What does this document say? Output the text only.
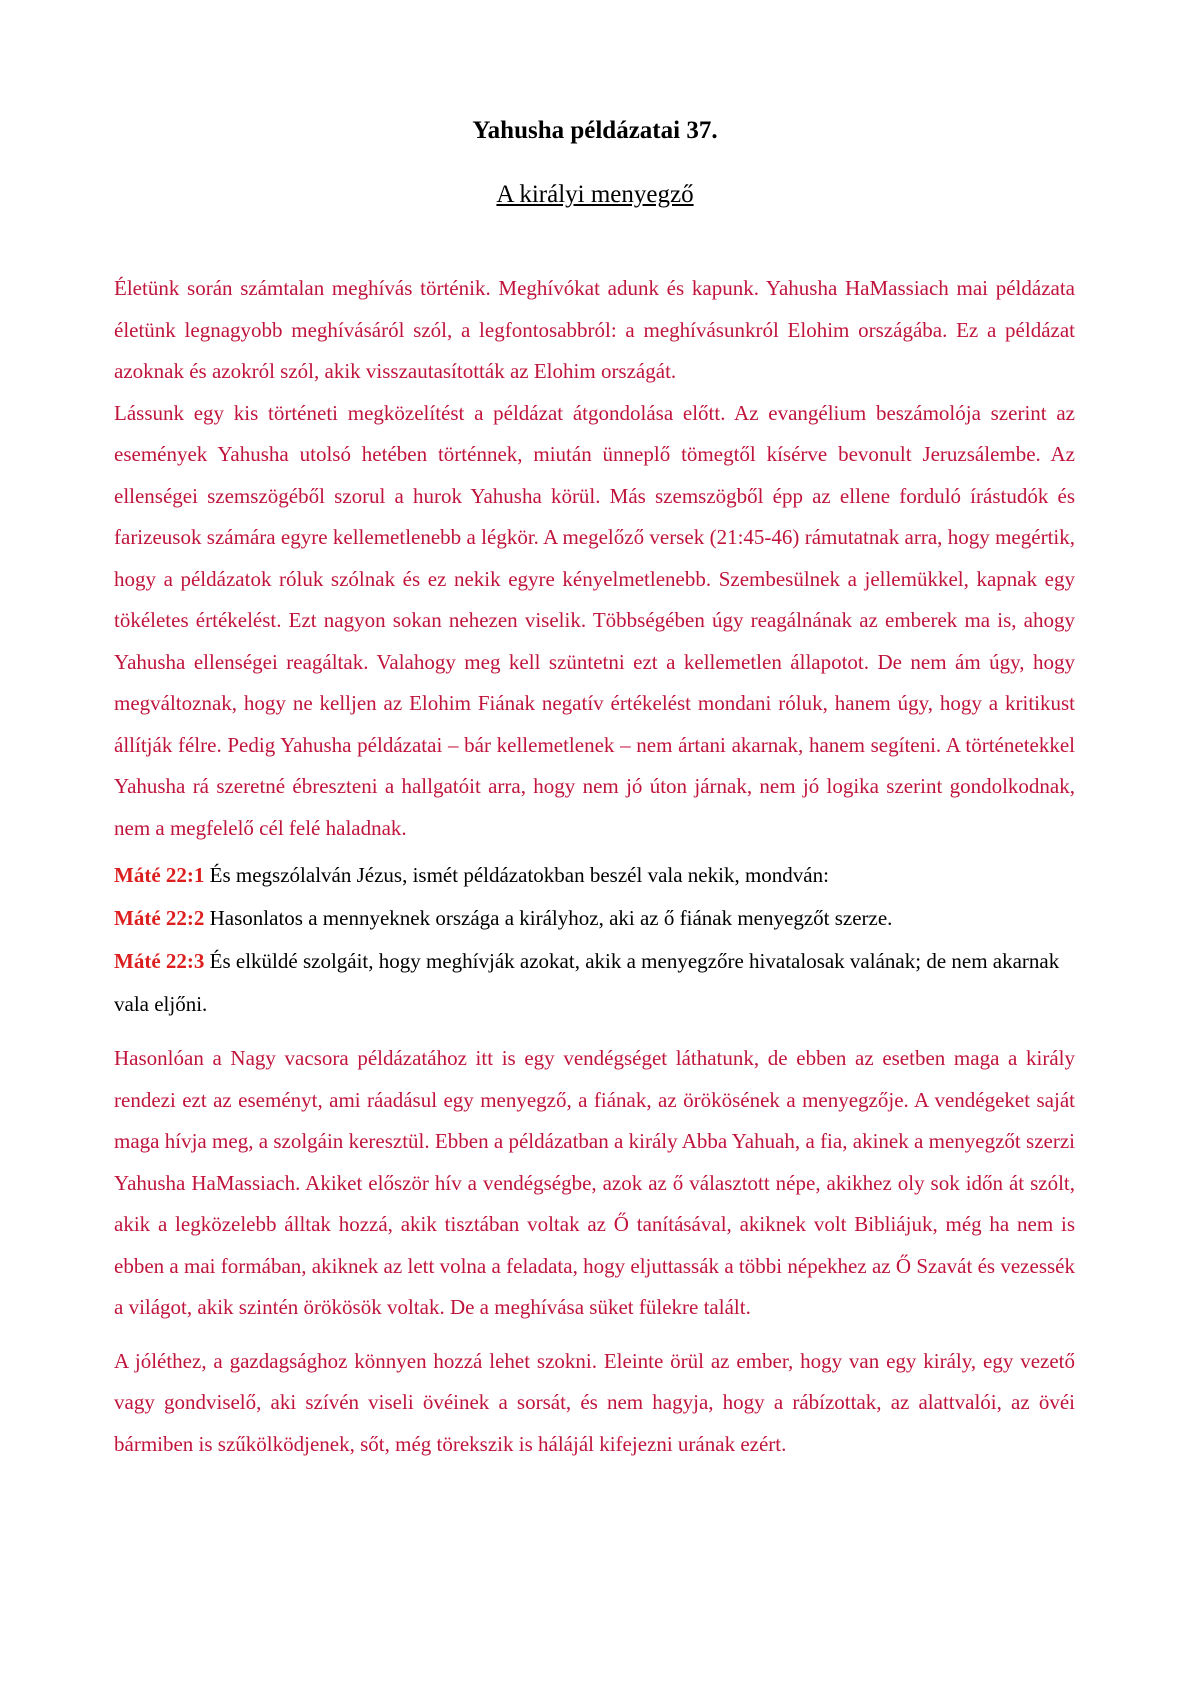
Yahusha példázatai 37.
A királyi menyegző

Életünk során számtalan meghívás történik. Meghívókat adunk és kapunk. Yahusha HaMassiach mai példázata életünk legnagyobb meghívásáról szól, a legfontosabbról: a meghívásunkról Elohim országába. Ez a példázat azoknak és azokról szól, akik visszautasították az Elohim országát.

Lássunk egy kis történeti megközelítést a példázat átgondolása előtt. Az evangélium beszámolója szerint az események Yahusha utolsó hetében történnek, miután ünneplő tömegtől kísérve bevonult Jeruzsálembe. Az ellenségei szemszögéből szorul a hurok Yahusha körül. Más szemszögből épp az ellene forduló írástudók és farizeusok számára egyre kellemetlenebb a légkör. A megelőző versek (21:45-46) rámutatnak arra, hogy megértik, hogy a példázatok róluk szólnak és ez nekik egyre kényelmetlenebb. Szembesülnek a jellemükkel, kapnak egy tökéletes értékelést. Ezt nagyon sokan nehezen viselik. Többségében úgy reagálnának az emberek ma is, ahogy Yahusha ellenségei reagáltak. Valahogy meg kell szüntetni ezt a kellemetlen állapotot. De nem ám úgy, hogy megváltoznak, hogy ne kelljen az Elohim Fiának negatív értékelést mondani róluk, hanem úgy, hogy a kritikust állítják félre. Pedig Yahusha példázatai – bár kellemetlenek – nem ártani akarnak, hanem segíteni. A történetekkel Yahusha rá szeretné ébreszteni a hallgatóit arra, hogy nem jó úton járnak, nem jó logika szerint gondolkodnak, nem a megfelelő cél felé haladnak.

Máté 22:1 És megszólalván Jézus, ismét példázatokban beszél vala nekik, mondván:

Máté 22:2 Hasonlatos a mennyeknek országa a királyhoz, aki az ő fiának menyegzőt szerze.

Máté 22:3 És elküldé szolgáit, hogy meghívják azokat, akik a menyegzőre hivatalosak valának; de nem akarnak vala eljőni.

Hasonlóan a Nagy vacsora példázatához itt is egy vendégséget láthatunk, de ebben az esetben maga a király rendezi ezt az eseményt, ami ráadásul egy menyegző, a fiának, az örökösének a menyegzője. A vendégeket saját maga hívja meg, a szolgáin keresztül. Ebben a példázatban a király Abba Yahuah, a fia, akinek a menyegzőt szerzi Yahusha HaMassiach. Akiket először hív a vendégségbe, azok az ő választott népe, akikhez oly sok időn át szólt, akik a legközelebb álltak hozzá, akik tisztában voltak az Ő tanításával, akiknek volt Bibliájuk, még ha nem is ebben a mai formában, akiknek az lett volna a feladata, hogy eljuttassák a többi népekhez az Ő Szavát és vezessék a világot, akik szintén örökösök voltak. De a meghívása süket fülekre talált.

A jóléthez, a gazdagsághoz könnyen hozzá lehet szokni. Eleinte örül az ember, hogy van egy király, egy vezető vagy gondviselő, aki szívén viseli övéinek a sorsát, és nem hagyja, hogy a rábízottak, az alattvalói, az övéi bármiben is szűkölködjenek, sőt, még törekszik is hálájál kifejezni urának ezért.
